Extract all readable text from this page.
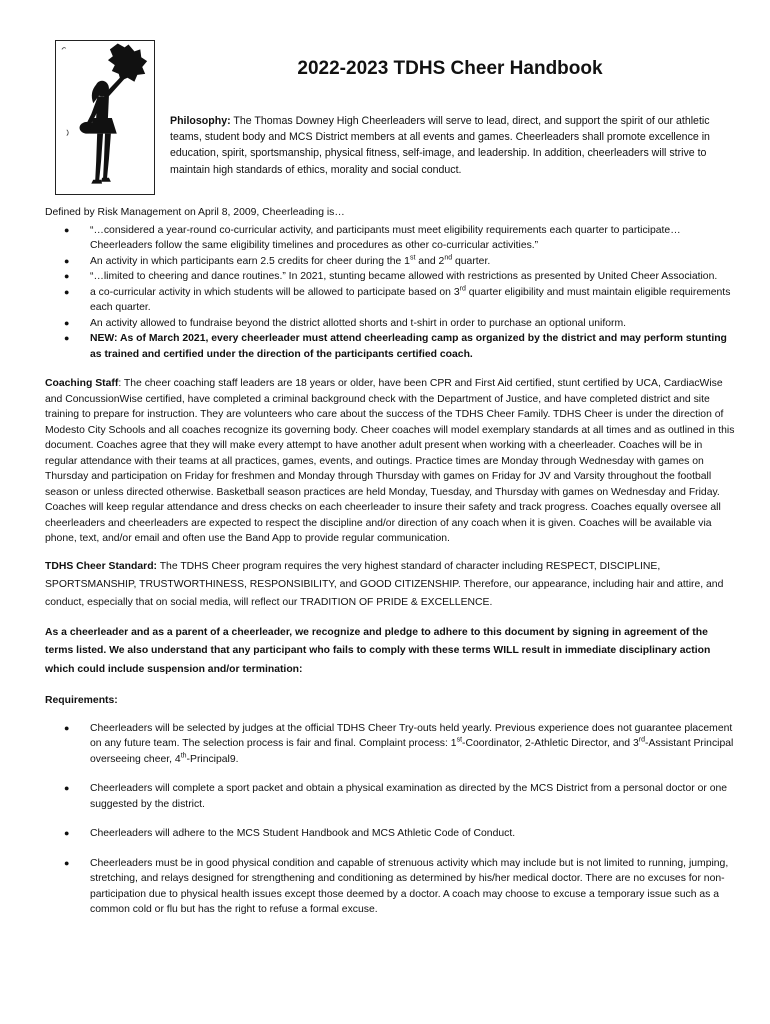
2022-2023 TDHS Cheer Handbook

Philosophy: The Thomas Downey High Cheerleaders will serve to lead, direct, and support the spirit of our athletic teams, student body and MCS District members at all events and games. Cheerleaders shall promote excellence in education, spirit, sportsmanship, physical fitness, self-image, and leadership. In addition, cheerleaders will strive to maintain high standards of ethics, morality and social conduct.

Defined by Risk Management on April 8, 2009, Cheerleading is…

● “…considered a year-round co-curricular activity, and participants must meet eligibility requirements each quarter to participate…Cheerleaders follow the same eligibility timelines and procedures as other co-curricular activities.”
● An activity in which participants earn 2.5 credits for cheer during the 1st and 2nd quarter.
● “…limited to cheering and dance routines.” In 2021, stunting became allowed with restrictions as presented by United Cheer Association.
● a co-curricular activity in which students will be allowed to participate based on 3rd quarter eligibility and must maintain eligible requirements each quarter.
● An activity allowed to fundraise beyond the district allotted shorts and t-shirt in order to purchase an optional uniform.
● NEW: As of March 2021, every cheerleader must attend cheerleading camp as organized by the district and may perform stunting as trained and certified under the direction of the participants certified coach.

Coaching Staff: The cheer coaching staff leaders are 18 years or older, have been CPR and First Aid certified, stunt certified by UCA, CardiacWise and ConcussionWise certified, have completed a criminal background check with the Department of Justice, and have completed district and site training to prepare for instruction. They are volunteers who care about the success of the TDHS Cheer Family. TDHS Cheer is under the direction of Modesto City Schools and all coaches recognize its governing body. Cheer coaches will model exemplary standards at all times and as outlined in this document. Coaches agree that they will make every attempt to have another adult present when working with a cheerleader. Coaches will be in regular attendance with their teams at all practices, games, events, and outings. Practice times are Monday through Wednesday with games on Thursday and participation on Friday for freshmen and Monday through Thursday with games on Friday for JV and Varsity throughout the football season or unless directed otherwise. Basketball season practices are held Monday, Tuesday, and Thursday with games on Wednesday and Friday. Coaches will keep regular attendance and dress checks on each cheerleader to insure their safety and track progress. Coaches equally oversee all cheerleaders and cheerleaders are expected to respect the discipline and/or direction of any coach when it is given. Coaches will be available via phone, text, and/or email and often use the Band App to provide regular communication.

TDHS Cheer Standard: The TDHS Cheer program requires the very highest standard of character including RESPECT, DISCIPLINE, SPORTSMANSHIP, TRUSTWORTHINESS, RESPONSIBILITY, and GOOD CITIZENSHIP. Therefore, our appearance, including hair and attire, and conduct, especially that on social media, will reflect our TRADITION OF PRIDE & EXCELLENCE.

As a cheerleader and as a parent of a cheerleader, we recognize and pledge to adhere to this document by signing in agreement of the terms listed. We also understand that any participant who fails to comply with these terms WILL result in immediate disciplinary action which could include suspension and/or termination:

Requirements:

● Cheerleaders will be selected by judges at the official TDHS Cheer Try-outs held yearly. Previous experience does not guarantee placement on any future team. The selection process is fair and final. Complaint process: 1st-Coordinator, 2-Athletic Director, and 3rd-Assistant Principal overseeing cheer, 4th-Principal9.
● Cheerleaders will complete a sport packet and obtain a physical examination as directed by the MCS District from a personal doctor or one suggested by the district.
● Cheerleaders will adhere to the MCS Student Handbook and MCS Athletic Code of Conduct.
● Cheerleaders must be in good physical condition and capable of strenuous activity which may include but is not limited to running, jumping, stretching, and relays designed for strengthening and conditioning as determined by his/her medical doctor. There are no excuses for non-participation due to physical health issues except those deemed by a doctor. A coach may choose to excuse a temporary issue such as a common cold or flu but has the right to refuse a formal excuse.
